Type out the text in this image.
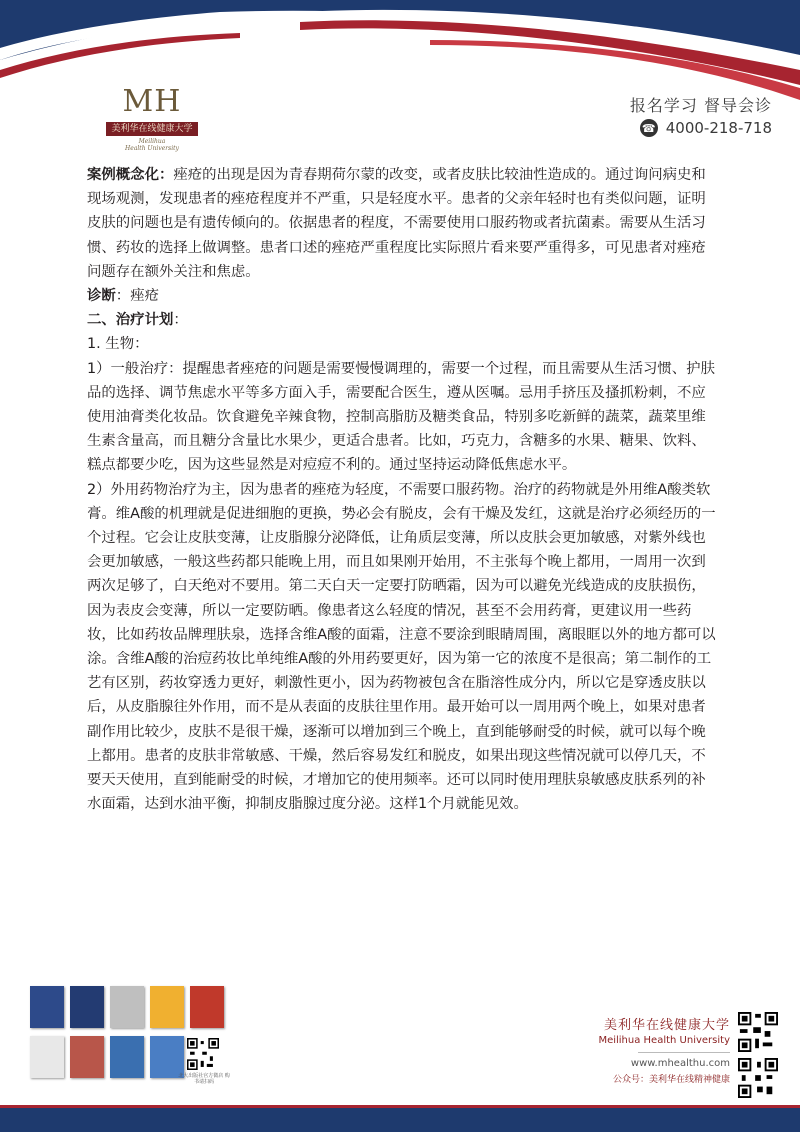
MH
美利华在线健康大学
Meilihua
Health University
报名学习 督导会诊
☎ 4000-218-718

案例概念化：痤疮的出现是因为青春期荷尔蒙的改变，或者皮肤比较油性造成的。通过询问病史和现场观测，发现患者的痤疮程度并不严重，只是轻度水平。患者的父亲年轻时也有类似问题，证明皮肤的问题也是有遗传倾向的。依据患者的程度，不需要使用口服药物或者抗菌素。需要从生活习惯、药妆的选择上做调整。患者口述的痤疮严重程度比实际照片看来要严重得多，可见患者对痤疮问题存在额外关注和焦虑。

诊断：痤疮

二、治疗计划：

1. 生物：

1）一般治疗：提醒患者痤疮的问题是需要慢慢调理的，需要一个过程，而且需要从生活习惯、护肤品的选择、调节焦虑水平等多方面入手，需要配合医生，遵从医嘱。忌用手挤压及搔抓粉刺，不应使用油膏类化妆品。饮食避免辛辣食物，控制高脂肪及糖类食品，特别多吃新鲜的蔬菜，蔬菜里维生素含量高，而且糖分含量比水果少，更适合患者。比如，巧克力，含糖多的水果、糖果、饮料、糕点都要少吃，因为这些显然是对痘痘不利的。通过坚持运动降低焦虑水平。

2）外用药物治疗为主，因为患者的痤疮为轻度，不需要口服药物。治疗的药物就是外用维A酸类软膏。维A酸的机理就是促进细胞的更换，势必会有脱皮，会有干燥及发红，这就是治疗必须经历的一个过程。它会让皮肤变薄，让皮脂腺分泌降低，让角质层变薄，所以皮肤会更加敏感，对紫外线也会更加敏感，一般这些药都只能晚上用，而且如果刚开始用，不主张每个晚上都用，一周用一次到两次足够了，白天绝对不要用。第二天白天一定要打防晒霜，因为可以避免光线造成的皮肤损伤，因为表皮会变薄，所以一定要防晒。像患者这么轻度的情况，甚至不会用药膏，更建议用一些药妆，比如药妆品牌理肤泉，选择含维A酸的面霜，注意不要涂到眼睛周围，离眼眶以外的地方都可以涂。含维A酸的治痘药妆比单纯维A酸的外用药要更好，因为第一它的浓度不是很高；第二制作的工艺有区别，药妆穿透力更好，刺激性更小，因为药物被包含在脂溶性成分内，所以它是穿透皮肤以后，从皮脂腺往外作用，而不是从表面的皮肤往里作用。最开始可以一周用两个晚上，如果对患者副作用比较少，皮肤不是很干燥，逐渐可以增加到三个晚上，直到能够耐受的时候，就可以每个晚上都用。患者的皮肤非常敏感、干燥，然后容易发红和脱皮，如果出现这些情况就可以停几天，不要天天使用，直到能耐受的时候，才增加它的使用频率。还可以同时使用理肤泉敏感皮肤系列的补水面霜，达到水油平衡，抑制皮脂腺过度分泌。这样1个月就能见效。

北大出版社官方微店 购书请扫码
美利华在线健康大学
Meilihua Health University
www.mhealthu.com
公众号：美利华在线精神健康
